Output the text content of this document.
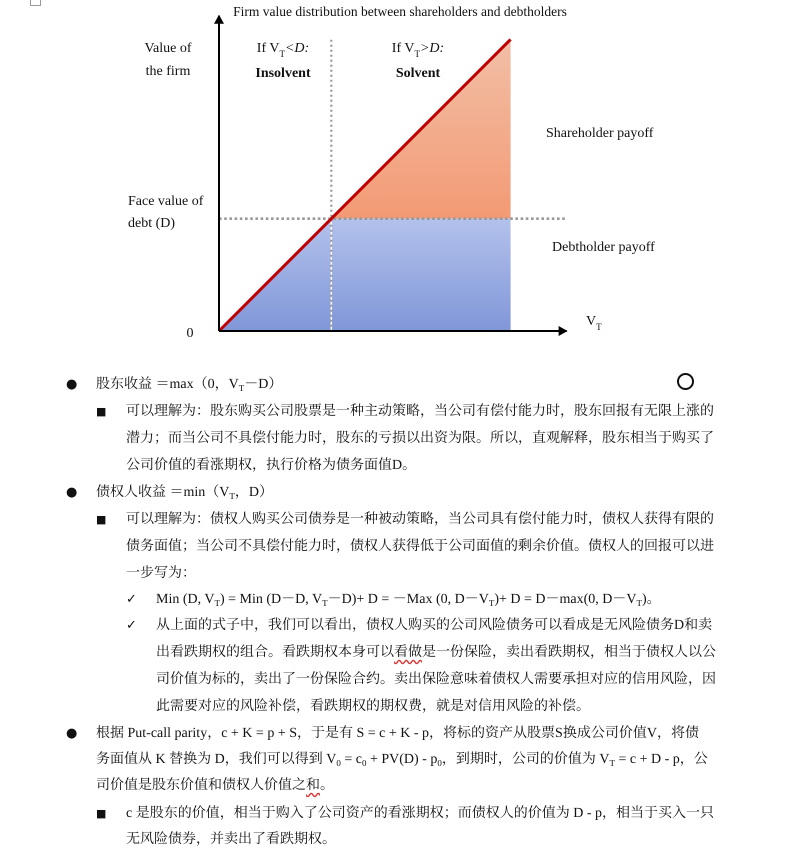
Firm value distribution between shareholders and debtholders
Value of
the firm
Face value of
debt (D)
0
$V_T$
If $V_T<D$:
Insolvent
If $V_T>D$:
Solvent
Shareholder payoff
Debtholder payoff
● 股东收益 ＝max（0，$V_T-D$）
■ 可以理解为：股东购买公司股票是一种主动策略，当公司有偿付能力时，股东回报有无限上涨的
潜力；而当公司不具偿付能力时，股东的亏损以出资为限。所以，直观解释，股东相当于购买了
公司价值的看涨期权，执行价格为债务面值D。
● 债权人收益 $=\min(V_T$，D）
■ 可以理解为：债权人购买公司债券是一种被动策略，当公司具有偿付能力时，债权人获得有限的
债务面值；当公司不具偿付能力时，债权人获得低于公司面值的剩余价值。债权人的回报可以进
一步写为：
✓ Min (D, $V_T$) = Min (D－D, $V_T-D)+ D = -Max$ (0, $D-V_T)+ D = D-\max(0$, $D-V_T$)。
✓ 从上面的式子中，我们可以看出，债权人购买的公司风险债务可以看成是无风险债务D和卖
出看跌期权的组合。看跌期权本身可以看做是一份保险，卖出看跌期权，相当于债权人以公
司价值为标的，卖出了一份保险合约。卖出保险意味着债权人需要承担对应的信用风险，因
此需要对应的风险补偿，看跌期权的期权费，就是对信用风险的补偿。
● 根据 Put-call parity，c + K = p + S，于是有 S = c + K - p，将标的资产从股票S换成公司价值V，将债
务面值从 K 替换为 D，我们可以得到 $V_0 = c_0 + PV(D) - p_0$，到期时，公司的价值为 $V_T = c + D - p$，公
司价值是股东价值和债权人价值之和。
■ c 是股东的价值，相当于购入了公司资产的看涨期权；而债权人的价值为 D - p，相当于买入一只
无风险债券，并卖出了看跌期权。
